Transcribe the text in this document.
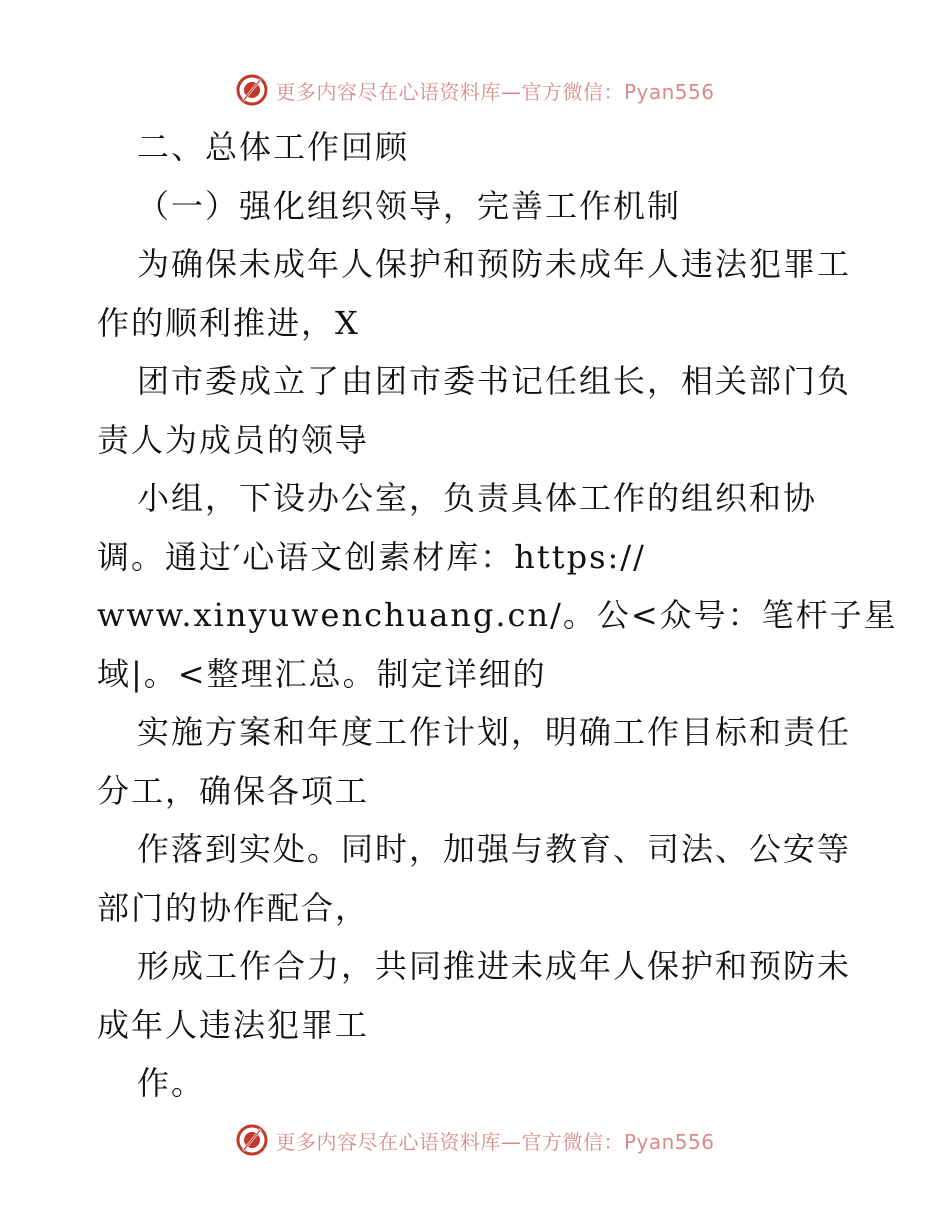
更多内容尽在心语资料库—官方微信：Pyan556
二、总体工作回顾
（一）强化组织领导，完善工作机制
为确保未成年人保护和预防未成年人违法犯罪工
作的顺利推进，X
团市委成立了由团市委书记任组长，相关部门负
责人为成员的领导
小组，下设办公室，负责具体工作的组织和协
调。通过′心语文创素材库：https://
www.xinyuwenchuang.cn/。公<众号：笔杆子星
域|。<整理汇总。制定详细的
实施方案和年度工作计划，明确工作目标和责任
分工，确保各项工
作落到实处。同时，加强与教育、司法、公安等
部门的协作配合，
形成工作合力，共同推进未成年人保护和预防未
成年人违法犯罪工
作。
更多内容尽在心语资料库—官方微信：Pyan556
